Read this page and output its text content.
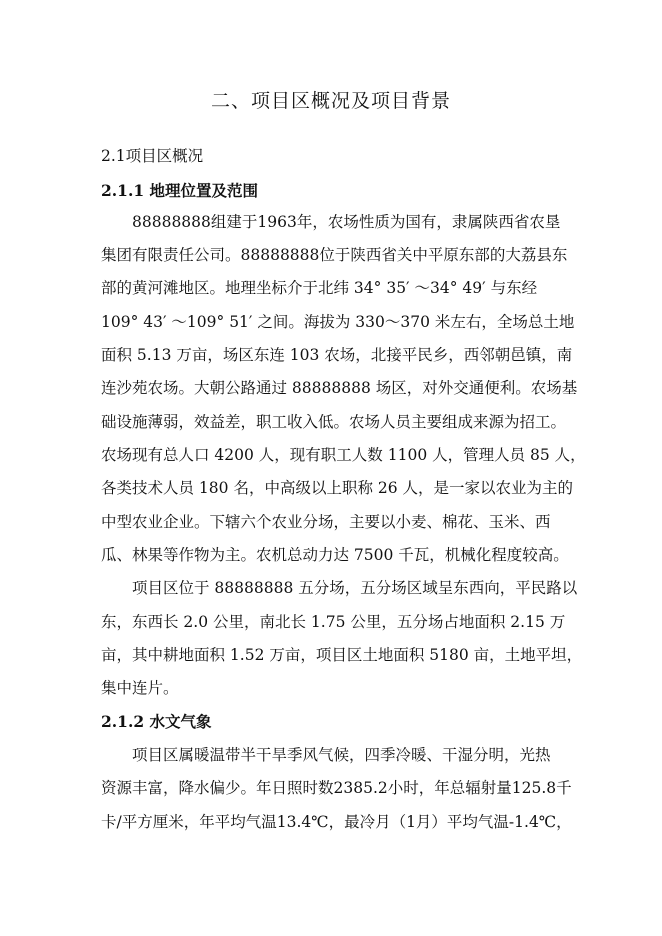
二、项目区概况及项目背景
2.1项目区概况
2.1.1 地理位置及范围
　　88888888组建于1963年，农场性质为国有，隶属陕西省农垦
集团有限责任公司。88888888位于陕西省关中平原东部的大荔县东
部的黄河滩地区。地理坐标介于北纬 34° 35′ ～34° 49′ 与东经
109° 43′ ～109° 51′ 之间。海拔为 330～370 米左右，全场总土地
面积 5.13 万亩，场区东连 103 农场，北接平民乡，西邻朝邑镇，南
连沙苑农场。大朝公路通过 88888888 场区，对外交通便利。农场基
础设施薄弱，效益差，职工收入低。农场人员主要组成来源为招工。
农场现有总人口 4200 人，现有职工人数 1100 人，管理人员 85 人，
各类技术人员 180 名，中高级以上职称 26 人，是一家以农业为主的
中型农业企业。下辖六个农业分场，主要以小麦、棉花、玉米、西
瓜、林果等作物为主。农机总动力达 7500 千瓦，机械化程度较高。
　　项目区位于 88888888 五分场，五分场区域呈东西向，平民路以
东，东西长 2.0 公里，南北长 1.75 公里，五分场占地面积 2.15 万
亩，其中耕地面积 1.52 万亩，项目区土地面积 5180 亩，土地平坦，
集中连片。
2.1.2 水文气象
　　项目区属暖温带半干旱季风气候，四季冷暖、干湿分明，光热
资源丰富，降水偏少。年日照时数2385.2小时，年总辐射量125.8千
卡/平方厘米，年平均气温13.4℃，最冷月（1月）平均气温-1.4℃，
